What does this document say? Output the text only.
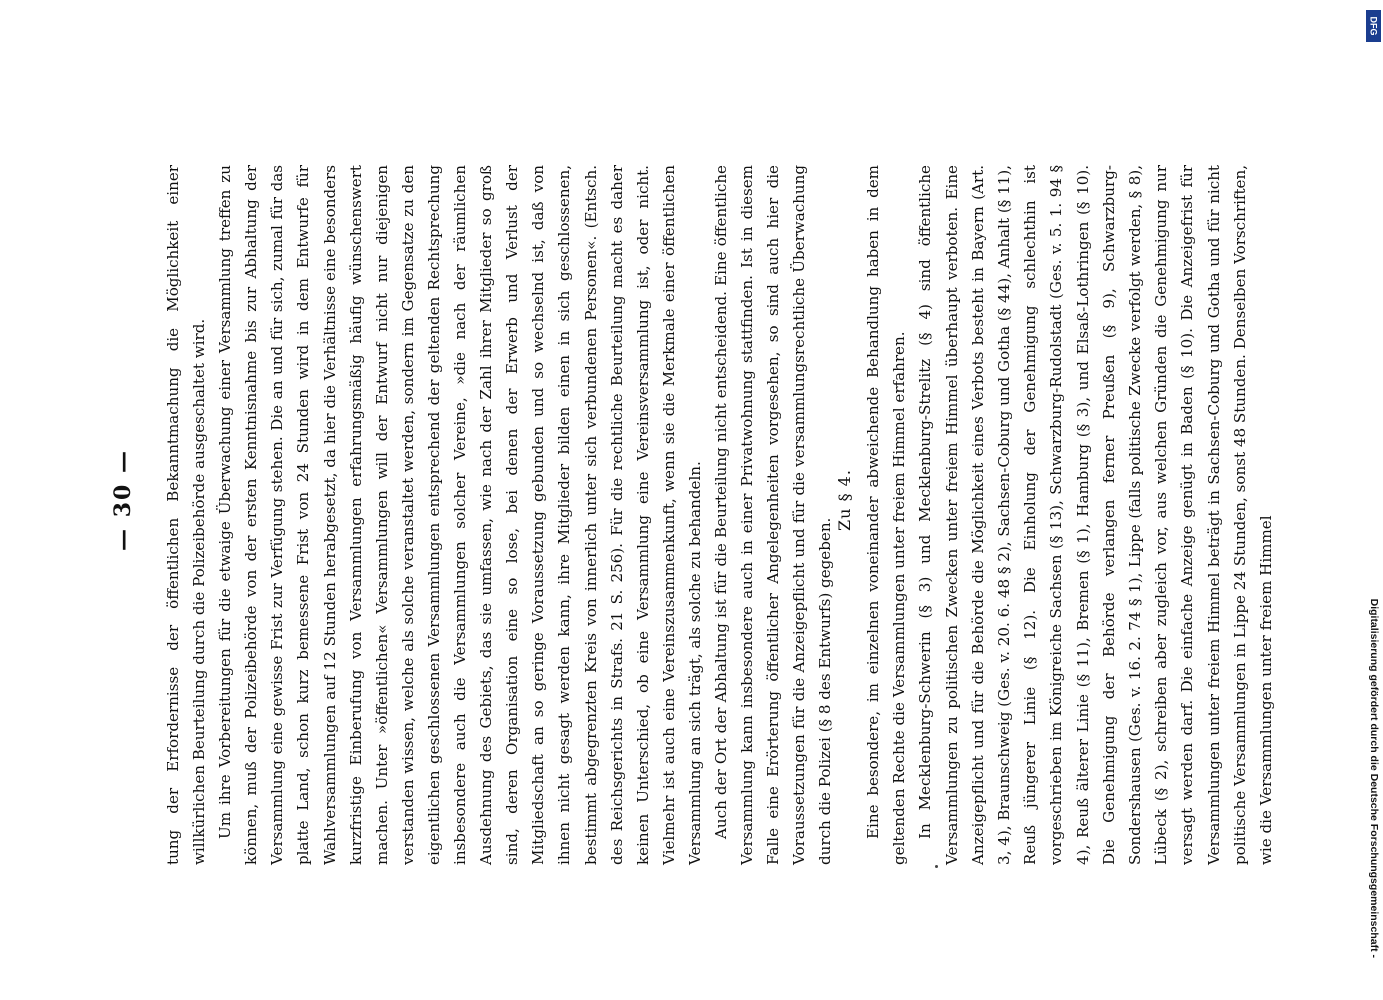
— 30 — tung der Erfordernisse der öffentlichen Bekanntmachung die Möglichkeit einer willkürlichen Beurteilung durch die Polizeibehörde ausgeschaltet wird. Um ihre Vorbereitungen für die etwaige Überwachung einer Versammlung treffen zu können, muß der Polizeibehörde von der ersten Kenntnisnahme bis zur Abhaltung der Versammlung eine gewisse Frist zur Verfügung stehen. Die an und für sich, zumal für das platte Land, schon kurz bemessene Frist von 24 Stunden wird in dem Entwurfe für Wahlversammlungen auf 12 Stunden herabgesetzt, da hier die Verhältnisse eine besonders kurzfristige Einberufung von Versammlungen erfahrungsmäßig häufig wünschenswert machen. Unter »öffentlichen« Versammlungen will der Entwurf nicht nur diejenigen verstanden wissen, welche als solche veranstaltet werden, sondern im Gegensatze zu den eigentlichen geschlossenen Versammlungen entsprechend der geltenden Rechtsprechung insbesondere auch die Versammlungen solcher Vereine, »die nach der räumlichen Ausdehnung des Gebiets, das sie umfassen, wie nach der Zahl ihrer Mitglieder so groß sind, deren Organisation eine so lose, bei denen der Erwerb und Verlust der Mitgliedschaft an so geringe Voraussetzung gebunden und so wechselnd ist, daß von ihnen nicht gesagt werden kann, ihre Mitglieder bilden einen in sich geschlossenen, bestimmt abgegrenzten Kreis von innerlich unter sich verbundenen Personen«. (Entsch. des Reichsgerichts in Strafs. 21 S. 256). Für die rechtliche Beurteilung macht es daher keinen Unterschied, ob eine Versammlung eine Vereinsversammlung ist, oder nicht. Vielmehr ist auch eine Vereinszusammenkunft, wenn sie die Merkmale einer öffentlichen Versammlung an sich trägt, als solche zu behandeln. Auch der Ort der Abhaltung ist für die Beurteilung nicht entscheidend. Eine öffentliche Versammlung kann insbesondere auch in einer Privatwohnung stattfinden. Ist in diesem Falle eine Erörterung öffentlicher Angelegenheiten vorgesehen, so sind auch hier die Voraussetzungen für die Anzeigepflicht und für die versammlungsrechtliche Überwachung durch die Polizei (§ 8 des Entwurfs) gegeben.

Zu § 4. Eine besondere, im einzelnen voneinander abweichende Behandlung haben in dem geltenden Rechte die Versammlungen unter freiem Himmel erfahren. In Mecklenburg-Schwerin (§ 3) und Mecklenburg-Strelitz (§ 4) sind öffentliche Versammlungen zu politischen Zwecken unter freiem Himmel überhaupt verboten. Eine Anzeigepflicht und für die Behörde die Möglichkeit eines Verbots besteht in Bayern (Art. 3, 4), Braunschweig (Ges. v. 20. 6. 48 § 2), Sachsen-Coburg und Gotha (§ 44), Anhalt (§ 11), Reuß jüngerer Linie (§ 12). Die Einholung der Genehmigung schlechthin ist vorgeschrieben im Königreiche Sachsen (§ 13), Schwarzburg-Rudolstadt (Ges. v. 5. 1. 94 § 4), Reuß älterer Linie (§ 11), Bremen (§ 1), Hamburg (§ 3), und Elsaß-Lothringen (§ 10). Die Genehmigung der Behörde verlangen ferner Preußen (§ 9), Schwarzburg-Sondershausen (Ges. v. 16. 2. 74 § 1), Lippe (falls politische Zwecke verfolgt werden, § 8), Lübeck (§ 2), schreiben aber zugleich vor, aus welchen Gründen die Genehmigung nur versagt werden darf. Die einfache Anzeige genügt in Baden (§ 10). Die Anzeigefrist für Versammlungen unter freiem Himmel beträgt in Sachsen-Coburg und Gotha und für nicht politische Versammlungen in Lippe 24 Stunden, sonst 48 Stunden. Denselben Vorschriften, wie die Versammlungen unter freiem Himmel	Digitalisierung gefördert durch die Deutsche Forschungsgemeinschaft -
DFG
